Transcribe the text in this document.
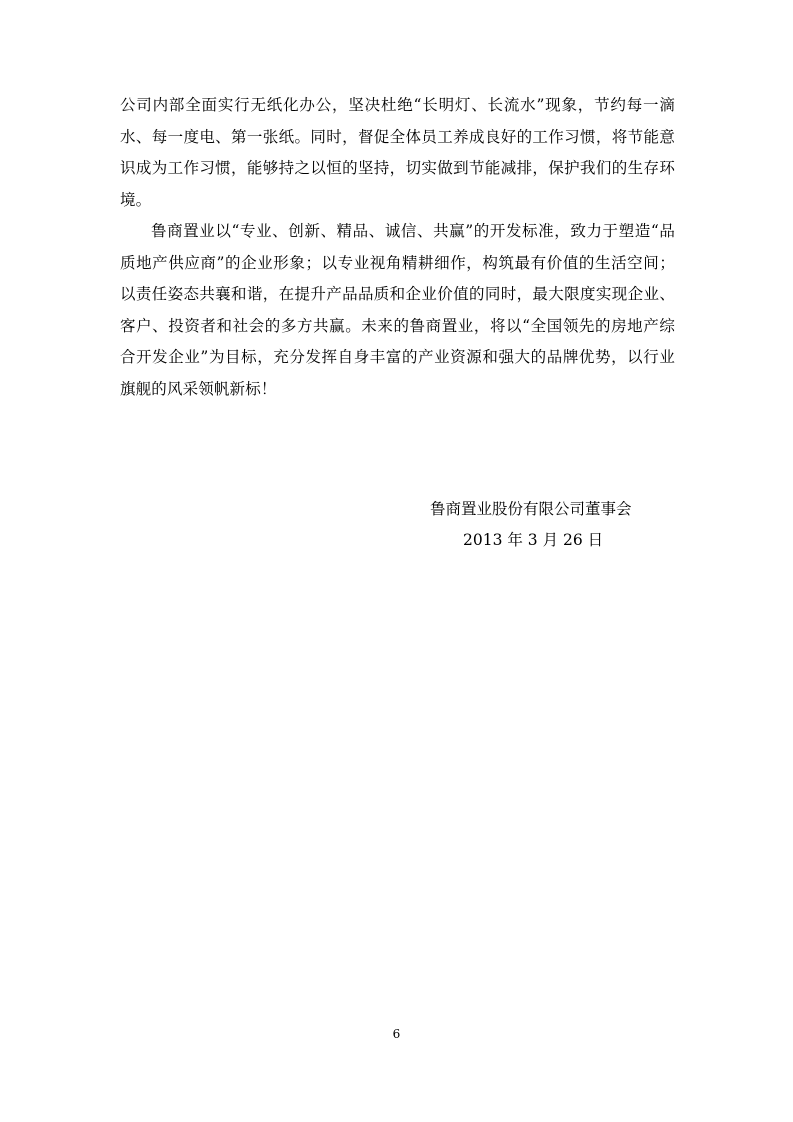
公司内部全面实行无纸化办公，坚决杜绝“长明灯、长流水”现象，节约每一滴水、每一度电、第一张纸。同时，督促全体员工养成良好的工作习惯，将节能意识成为工作习惯，能够持之以恒的坚持，切实做到节能减排，保护我们的生存环境。

鲁商置业以“专业、创新、精品、诚信、共赢”的开发标准，致力于塑造“品质地产供应商”的企业形象；以专业视角精耕细作，构筑最有价值的生活空间；以责任姿态共襄和谐，在提升产品品质和企业价值的同时，最大限度实现企业、客户、投资者和社会的多方共赢。未来的鲁商置业，将以“全国领先的房地产综合开发企业”为目标，充分发挥自身丰富的产业资源和强大的品牌优势，以行业旗舰的风采领帆新标！

鲁商置业股份有限公司董事会
2013 年 3 月 26 日
6
